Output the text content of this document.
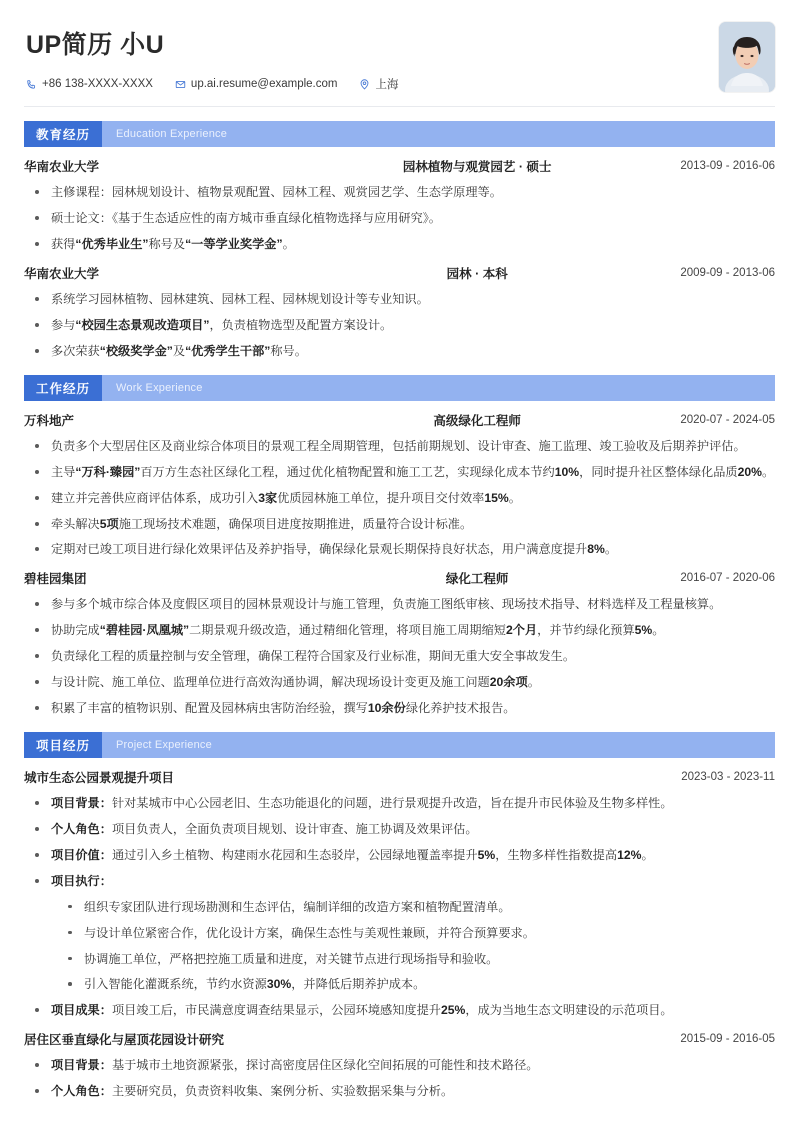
UP简历 小U
+86 138-XXXX-XXXX	up.ai.resume@example.com	上海
教育经历	Education Experience
华南农业大学	园林植物与观赏园艺 · 硕士	2013-09 - 2016-06
主修课程：园林规划设计、植物景观配置、园林工程、观赏园艺学、生态学原理等。
硕士论文：《基于生态适应性的南方城市垂直绿化植物选择与应用研究》。
获得“优秀毕业生”称号及“一等学业奖学金”。
华南农业大学	园林 · 本科	2009-09 - 2013-06
系统学习园林植物、园林建筑、园林工程、园林规划设计等专业知识。
参与“校园生态景观改造项目”，负责植物选型及配置方案设计。
多次荣获“校级奖学金”及“优秀学生干部”称号。
工作经历	Work Experience
万科地产	高级绿化工程师	2020-07 - 2024-05
负责多个大型居住区及商业综合体项目的景观工程全周期管理，包括前期规划、设计审查、施工监理、竣工验收及后期养护评估。
主导“万科·臻园”百万方生态社区绿化工程，通过优化植物配置和施工工艺，实现绿化成本节约10%，同时提升社区整体绿化品质20%。
建立并完善供应商评估体系，成功引入3家优质园林施工单位，提升项目交付效率15%。
牵头解决5项施工现场技术难题，确保项目进度按期推进，质量符合设计标准。
定期对已竣工项目进行绿化效果评估及养护指导，确保绿化景观长期保持良好状态，用户满意度提升8%。
碧桂园集团	绿化工程师	2016-07 - 2020-06
参与多个城市综合体及度假区项目的园林景观设计与施工管理，负责施工图纸审核、现场技术指导、材料选样及工程量核算。
协助完成“碧桂园·凤凰城”二期景观升级改造，通过精细化管理，将项目施工周期缩短2个月，并节约绿化预算5%。
负责绿化工程的质量控制与安全管理，确保工程符合国家及行业标准，期间无重大安全事故发生。
与设计院、施工单位、监理单位进行高效沟通协调，解决现场设计变更及施工问题20余项。
积累了丰富的植物识别、配置及园林病虫害防治经验，撰写10余份绿化养护技术报告。
项目经历	Project Experience
城市生态公园景观提升项目	2023-03 - 2023-11
项目背景：针对某城市中心公园老旧、生态功能退化的问题，进行景观提升改造，旨在提升市民体验及生物多样性。
个人角色：项目负责人，全面负责项目规划、设计审查、施工协调及效果评估。
项目价值：通过引入乡土植物、构建雨水花园和生态驳岸，公园绿地覆盖率提升5%，生物多样性指数提高12%。
项目执行：
组织专家团队进行现场勘测和生态评估，编制详细的改造方案和植物配置清单。
与设计单位紧密合作，优化设计方案，确保生态性与美观性兼顾，并符合预算要求。
协调施工单位，严格把控施工质量和进度，对关键节点进行现场指导和验收。
引入智能化灌溉系统，节约水资源30%，并降低后期养护成本。
项目成果：项目竣工后，市民满意度调查结果显示，公园环境感知度提升25%，成为当地生态文明建设的示范项目。
居住区垂直绿化与屋顶花园设计研究	2015-09 - 2016-05
项目背景：基于城市土地资源紧张，探讨高密度居住区绿化空间拓展的可能性和技术路径。
个人角色：主要研究员，负责资料收集、案例分析、实验数据采集与分析。
